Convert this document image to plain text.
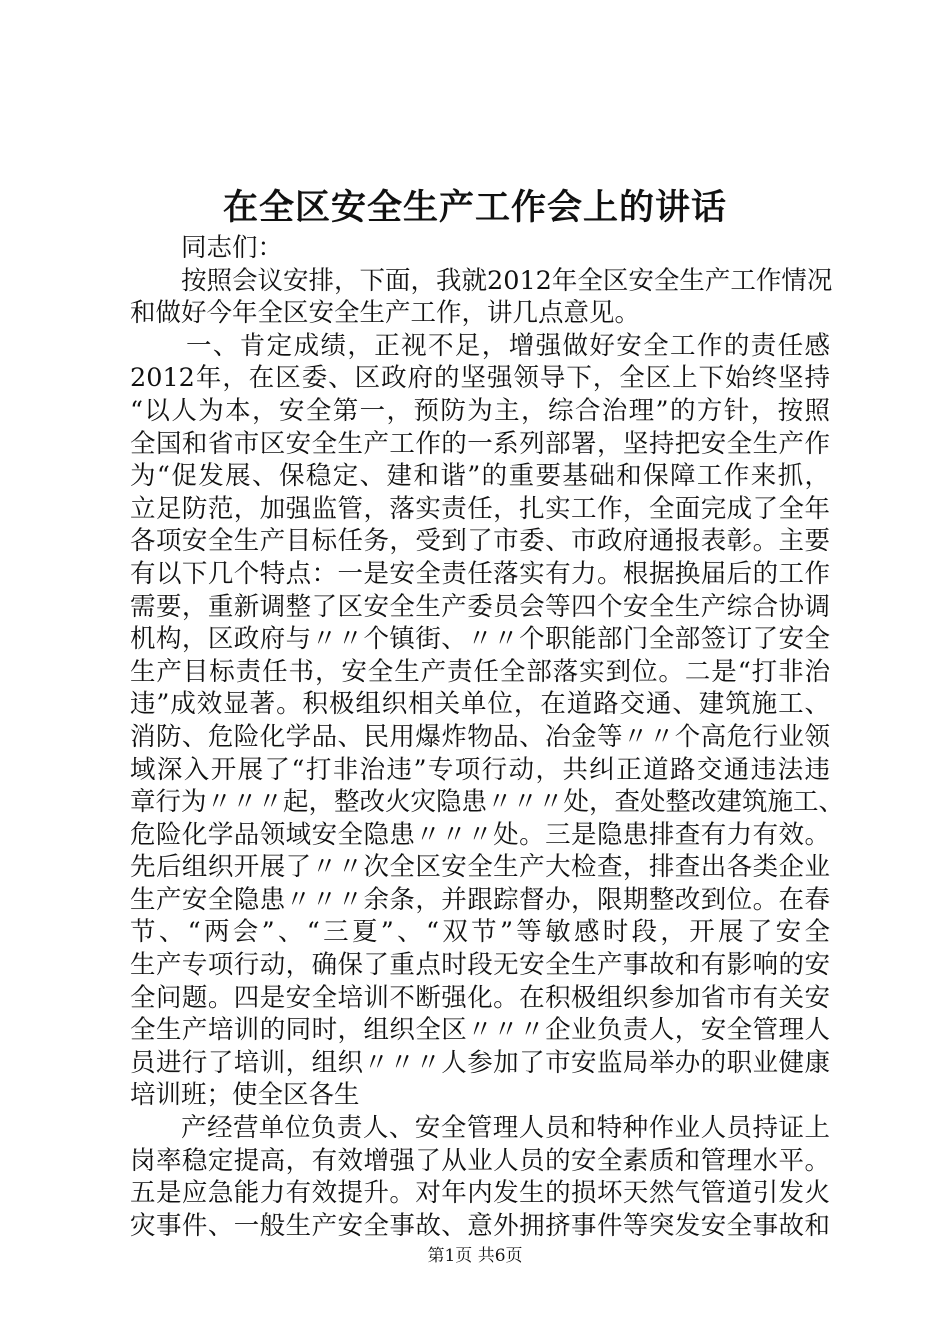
在全区安全生产工作会上的讲话
同志们：
按照会议安排，下面，我就2012年全区安全生产工作情况
和做好今年全区安全生产工作，讲几点意见。
一、肯定成绩，正视不足，增强做好安全工作的责任感
2012年，在区委、区政府的坚强领导下，全区上下始终坚持
“以人为本，安全第一，预防为主，综合治理”的方针，按照
全国和省市区安全生产工作的一系列部署，坚持把安全生产作
为“促发展、保稳定、建和谐”的重要基础和保障工作来抓，
立足防范，加强监管，落实责任，扎实工作，全面完成了全年
各项安全生产目标任务，受到了市委、市政府通报表彰。主要
有以下几个特点：一是安全责任落实有力。根据换届后的工作
需要，重新调整了区安全生产委员会等四个安全生产综合协调
机构，区政府与〃〃个镇街、〃〃个职能部门全部签订了安全
生产目标责任书，安全生产责任全部落实到位。二是“打非治
违”成效显著。积极组织相关单位，在道路交通、建筑施工、
消防、危险化学品、民用爆炸物品、冶金等〃〃个高危行业领
域深入开展了“打非治违”专项行动，共纠正道路交通违法违
章行为〃〃〃起，整改火灾隐患〃〃〃处，查处整改建筑施工、
危险化学品领域安全隐患〃〃〃处。三是隐患排查有力有效。
先后组织开展了〃〃次全区安全生产大检查，排查出各类企业
生产安全隐患〃〃〃余条，并跟踪督办，限期整改到位。在春
节、“两会”、“三夏”、“双节”等敏感时段，开展了安全
生产专项行动，确保了重点时段无安全生产事故和有影响的安
全问题。四是安全培训不断强化。在积极组织参加省市有关安
全生产培训的同时，组织全区〃〃〃企业负责人，安全管理人
员进行了培训，组织〃〃〃人参加了市安监局举办的职业健康
培训班；使全区各生
产经营单位负责人、安全管理人员和特种作业人员持证上
岗率稳定提高，有效增强了从业人员的安全素质和管理水平。
五是应急能力有效提升。对年内发生的损坏天然气管道引发火
灾事件、一般生产安全事故、意外拥挤事件等突发安全事故和
第1页 共6页
